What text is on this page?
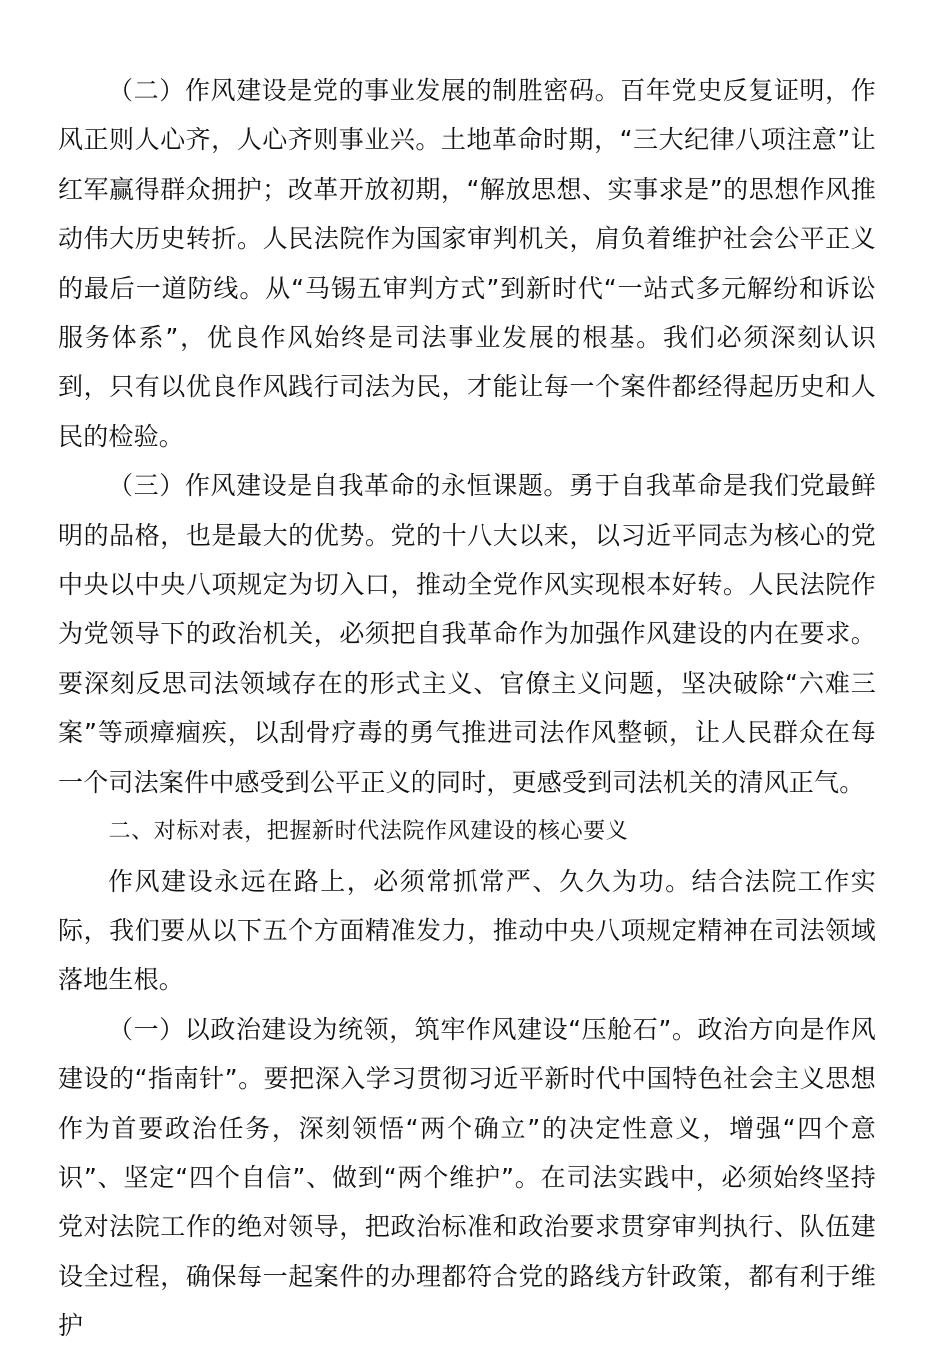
（二）作风建设是党的事业发展的制胜密码。百年党史反复证明，作风正则人心齐，人心齐则事业兴。土地革命时期，“三大纪律八项注意”让红军赢得群众拥护；改革开放初期，“解放思想、实事求是”的思想作风推动伟大历史转折。人民法院作为国家审判机关，肩负着维护社会公平正义的最后一道防线。从“马锡五审判方式”到新时代“一站式多元解纷和诉讼服务体系”，优良作风始终是司法事业发展的根基。我们必须深刻认识到，只有以优良作风践行司法为民，才能让每一个案件都经得起历史和人民的检验。

（三）作风建设是自我革命的永恒课题。勇于自我革命是我们党最鲜明的品格，也是最大的优势。党的十八大以来，以习近平同志为核心的党中央以中央八项规定为切入口，推动全党作风实现根本好转。人民法院作为党领导下的政治机关，必须把自我革命作为加强作风建设的内在要求。要深刻反思司法领域存在的形式主义、官僚主义问题，坚决破除“六难三案”等顽瘴痼疾，以刮骨疗毒的勇气推进司法作风整顿，让人民群众在每一个司法案件中感受到公平正义的同时，更感受到司法机关的清风正气。

二、对标对表，把握新时代法院作风建设的核心要义

作风建设永远在路上，必须常抓常严、久久为功。结合法院工作实际，我们要从以下五个方面精准发力，推动中央八项规定精神在司法领域落地生根。

（一）以政治建设为统领，筑牢作风建设“压舱石”。政治方向是作风建设的“指南针”。要把深入学习贯彻习近平新时代中国特色社会主义思想作为首要政治任务，深刻领悟“两个确立”的决定性意义，增强“四个意识”、坚定“四个自信”、做到“两个维护”。在司法实践中，必须始终坚持党对法院工作的绝对领导，把政治标准和政治要求贯穿审判执行、队伍建设全过程，确保每一起案件的办理都符合党的路线方针政策，都有利于维护
